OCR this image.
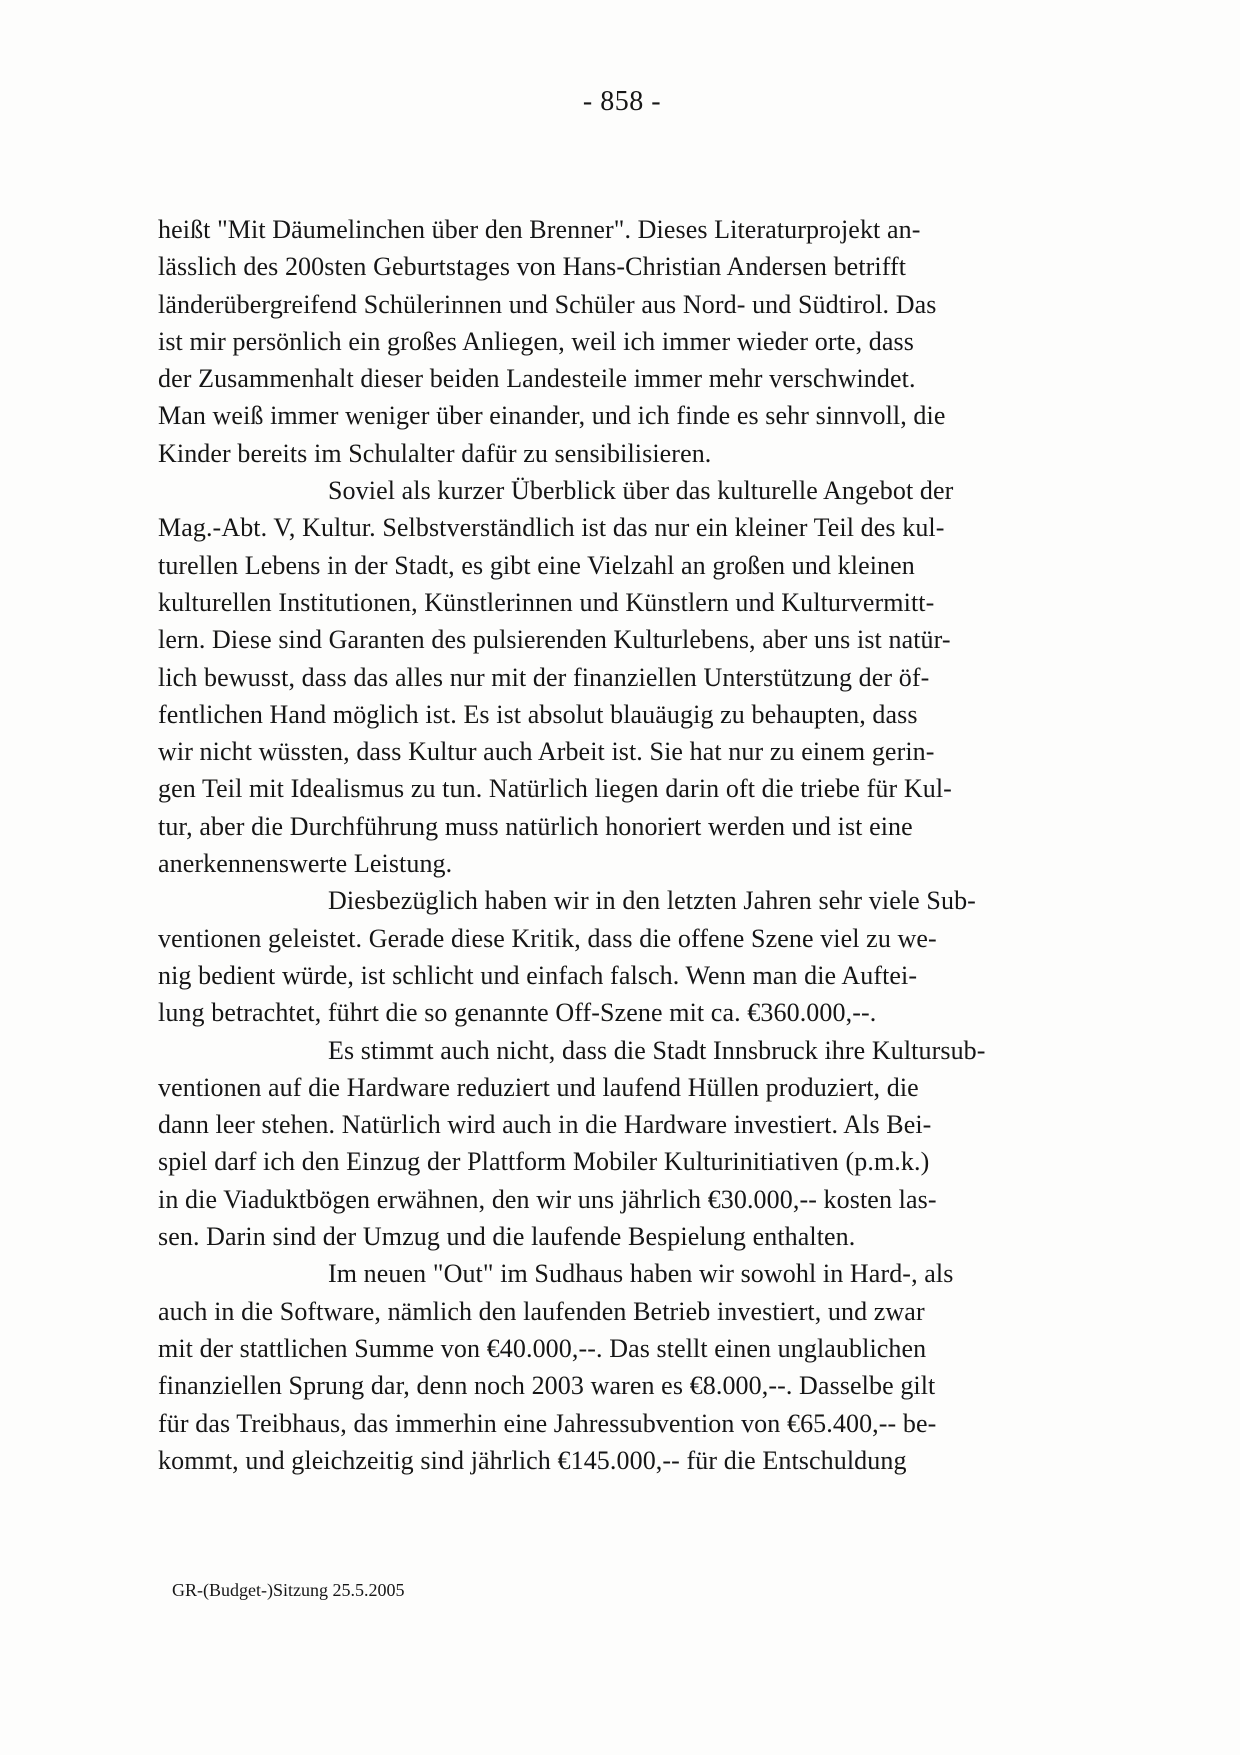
- 858 -
heißt "Mit Däumelinchen über den Brenner". Dieses Literaturprojekt an-
lässlich des 200sten Geburtstages von Hans-Christian Andersen betrifft
länderübergreifend Schülerinnen und Schüler aus Nord- und Südtirol. Das
ist mir persönlich ein großes Anliegen, weil ich immer wieder orte, dass
der Zusammenhalt dieser beiden Landesteile immer mehr verschwindet.
Man weiß immer weniger über einander, und ich finde es sehr sinnvoll, die
Kinder bereits im Schulalter dafür zu sensibilisieren.
Soviel als kurzer Überblick über das kulturelle Angebot der
Mag.-Abt. V, Kultur. Selbstverständlich ist das nur ein kleiner Teil des kul-
turellen Lebens in der Stadt, es gibt eine Vielzahl an großen und kleinen
kulturellen Institutionen, Künstlerinnen und Künstlern und Kulturvermitt-
lern. Diese sind Garanten des pulsierenden Kulturlebens, aber uns ist natür-
lich bewusst, dass das alles nur mit der finanziellen Unterstützung der öf-
fentlichen Hand möglich ist. Es ist absolut blauäugig zu behaupten, dass
wir nicht wüssten, dass Kultur auch Arbeit ist. Sie hat nur zu einem gerin-
gen Teil mit Idealismus zu tun. Natürlich liegen darin oft die triebe für Kul-
tur, aber die Durchführung muss natürlich honoriert werden und ist eine
anerkennenswerte Leistung.
Diesbezüglich haben wir in den letzten Jahren sehr viele Sub-
ventionen geleistet. Gerade diese Kritik, dass die offene Szene viel zu we-
nig bedient würde, ist schlicht und einfach falsch. Wenn man die Auftei-
lung betrachtet, führt die so genannte Off-Szene mit ca. €360.000,--.
Es stimmt auch nicht, dass die Stadt Innsbruck ihre Kultursub-
ventionen auf die Hardware reduziert und laufend Hüllen produziert, die
dann leer stehen. Natürlich wird auch in die Hardware investiert. Als Bei-
spiel darf ich den Einzug der Plattform Mobiler Kulturinitiativen (p.m.k.)
in die Viaduktbögen erwähnen, den wir uns jährlich €30.000,-- kosten las-
sen. Darin sind der Umzug und die laufende Bespielung enthalten.
Im neuen "Out" im Sudhaus haben wir sowohl in Hard-, als
auch in die Software, nämlich den laufenden Betrieb investiert, und zwar
mit der stattlichen Summe von €40.000,--. Das stellt einen unglaublichen
finanziellen Sprung dar, denn noch 2003 waren es €8.000,--. Dasselbe gilt
für das Treibhaus, das immerhin eine Jahressubvention von €65.400,-- be-
kommt, und gleichzeitig sind jährlich €145.000,-- für die Entschuldung
GR-(Budget-)Sitzung 25.5.2005
